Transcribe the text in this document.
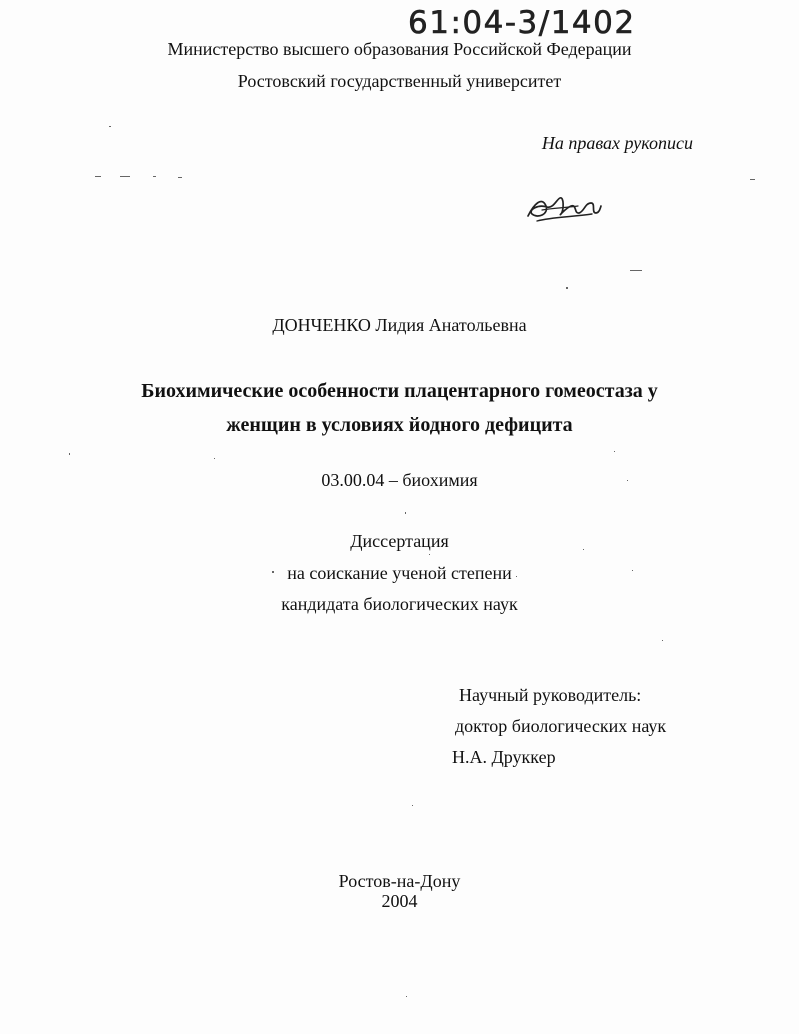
61:04-3/1402
Министерство высшего образования Российской Федерации
Ростовский государственный университет
На правах рукописи
ДОНЧЕНКО Лидия Анатольевна
Биохимические особенности плацентарного гомеостаза у
женщин в условиях йодного дефицита
03.00.04 – биохимия
Диссертация
на соискание ученой степени
кандидата биологических наук
Научный руководитель:
доктор биологических наук
Н.А. Друккер
Ростов-на-Дону
2004
